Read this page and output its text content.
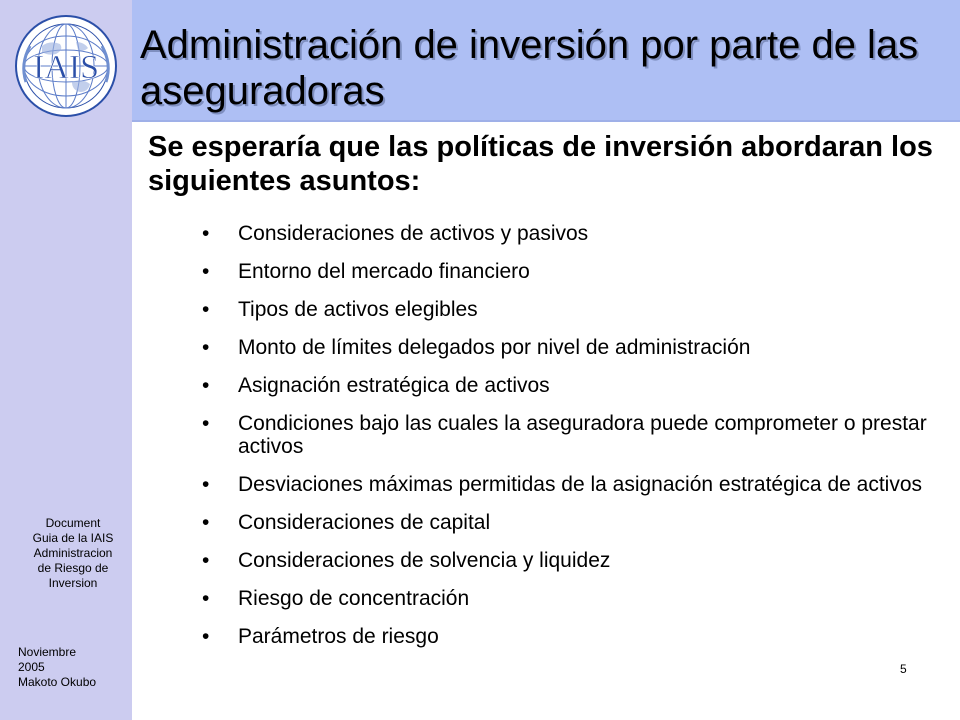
IAIS
Administración de inversión por parte de las aseguradoras
Se esperaría que las políticas de inversión abordaran los siguientes asuntos:
• Consideraciones de activos y pasivos
• Entorno del mercado financiero
• Tipos de activos elegibles
• Monto de límites delegados por nivel de administración
• Asignación estratégica de activos
• Condiciones bajo las cuales la aseguradora puede comprometer o prestar activos
• Desviaciones máximas permitidas de la asignación estratégica de activos
• Consideraciones de capital
• Consideraciones de solvencia y liquidez
• Riesgo de concentración
• Parámetros de riesgo

Document
Guia de la IAIS
Administracion
de Riesgo de
Inversion

Noviembre
2005
Makoto Okubo

5
